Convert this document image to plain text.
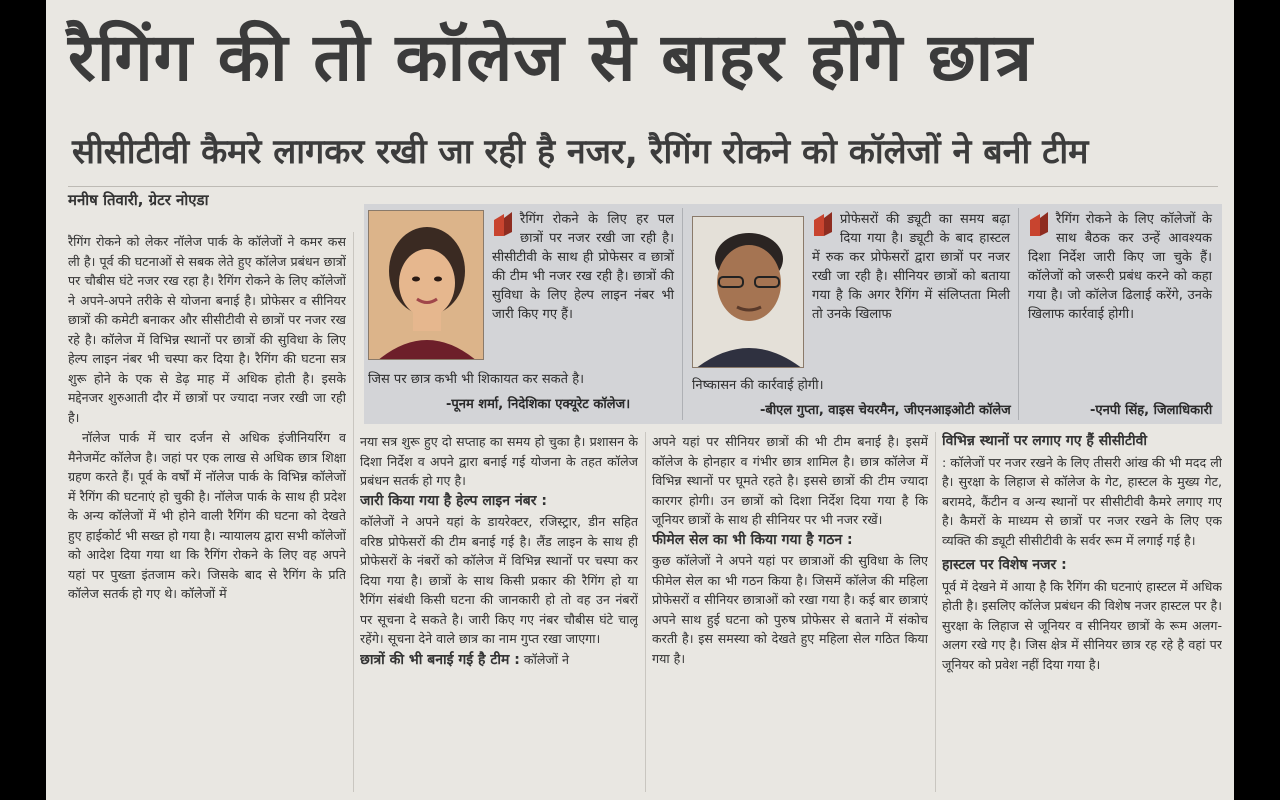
रैगिंग की तो कॉलेज से बाहर होंगे छात्र
सीसीटीवी कैमरे लागकर रखी जा रही है नजर, रैगिंग रोकने को कॉलेजों ने बनी टीम
मनीष तिवारी, ग्रेटर नोएडा
रैगिंग रोकने के लिए हर पल छात्रों पर नजर रखी जा रही है। सीसीटीवी के साथ ही प्रोफेसर व छात्रों की टीम भी नजर रख रही है। छात्रों की सुविधा के लिए हेल्प लाइन नंबर भी जारी किए गए हैं।
जिस पर छात्र कभी भी शिकायत कर सकते है।
-पूनम शर्मा, निदेशिका एक्यूरेट कॉलेज।
प्रोफेसरों की ड्यूटी का समय बढ़ा दिया गया है। ड्यूटी के बाद हास्टल में रुक कर प्रोफेसरों द्वारा छात्रों पर नजर रखी जा रही है। सीनियर छात्रों को बताया गया है कि अगर रैगिंग में संलिप्तता मिली तो उनके खिलाफ
निष्कासन की कार्रवाई होगी।
-बीएल गुप्ता, वाइस चेयरमैन, जीएनआइओटी कॉलेज
रैगिंग रोकने के लिए कॉलेजों के साथ बैठक कर उन्हें आवश्यक दिशा निर्देश जारी किए जा चुके हैं। कॉलेजों को जरूरी प्रबंध करने को कहा गया है। जो कॉलेज ढिलाई करेंगे, उनके खिलाफ कार्रवाई होगी।
-एनपी सिंह, जिलाधिकारी

रैगिंग रोकने को लेकर नॉलेज पार्क के कॉलेजों ने कमर कस ली है। पूर्व की घटनाओं से सबक लेते हुए कॉलेज प्रबंधन छात्रों पर चौबीस घंटे नजर रख रहा है। रैगिंग रोकने के लिए कॉलेजों ने अपने-अपने तरीके से योजना बनाई है। प्रोफेसर व सीनियर छात्रों की कमेटी बनाकर और सीसीटीवी से छात्रों पर नजर रख रहे है। कॉलेज में विभिन्न स्थानों पर छात्रों की सुविधा के लिए हेल्प लाइन नंबर भी चस्पा कर दिया है। रैगिंग की घटना सत्र शुरू होने के एक से डेढ़ माह में अधिक होती है। इसके मद्देनजर शुरुआती दौर में छात्रों पर ज्यादा नजर रखी जा रही है।

नॉलेज पार्क में चार दर्जन से अधिक इंजीनियरिंग व मैनेजमेंट कॉलेज है। जहां पर एक लाख से अधिक छात्र शिक्षा ग्रहण करते हैं। पूर्व के वर्षों में नॉलेज पार्क के विभिन्न कॉलेजों में रैगिंग की घटनाएं हो चुकी है। नॉलेज पार्क के साथ ही प्रदेश के अन्य कॉलेजों में भी होने वाली रैगिंग की घटना को देखते हुए हाईकोर्ट भी सख्त हो गया है। न्यायालय द्वारा सभी कॉलेजों को आदेश दिया गया था कि रैगिंग रोकने के लिए वह अपने यहां पर पुख्ता इंतजाम करे। जिसके बाद से रैगिंग के प्रति कॉलेज सतर्क हो गए थे। कॉलेजों में

नया सत्र शुरू हुए दो सप्ताह का समय हो चुका है। प्रशासन के दिशा निर्देश व अपने द्वारा बनाई गई योजना के तहत कॉलेज प्रबंधन सतर्क हो गए है।

जारी किया गया है हेल्प लाइन नंबर :

कॉलेजों ने अपने यहां के डायरेक्टर, रजिस्ट्रार, डीन सहित वरिष्ठ प्रोफेसरों की टीम बनाई गई है। लैंड लाइन के साथ ही प्रोफेसरों के नंबरों को कॉलेज में विभिन्न स्थानों पर चस्पा कर दिया गया है। छात्रों के साथ किसी प्रकार की रैगिंग हो या रैगिंग संबंधी किसी घटना की जानकारी हो तो वह उन नंबरों पर सूचना दे सकते है। जारी किए गए नंबर चौबीस घंटे चालू रहेंगे। सूचना देने वाले छात्र का नाम गुप्त रखा जाएगा।

छात्रों की भी बनाई गई है टीम : कॉलेजों ने

अपने यहां पर सीनियर छात्रों की भी टीम बनाई है। इसमें कॉलेज के होनहार व गंभीर छात्र शामिल है। छात्र कॉलेज में विभिन्न स्थानों पर घूमते रहते है। इससे छात्रों की टीम ज्यादा कारगर होगी। उन छात्रों को दिशा निर्देश दिया गया है कि जूनियर छात्रों के साथ ही सीनियर पर भी नजर रखें।

फीमेल सेल का भी किया गया है गठन :

कुछ कॉलेजों ने अपने यहां पर छात्राओं की सुविधा के लिए फीमेल सेल का भी गठन किया है। जिसमें कॉलेज की महिला प्रोफेसरों व सीनियर छात्राओं को रखा गया है। कई बार छात्राएं अपने साथ हुई घटना को पुरुष प्रोफेसर से बताने में संकोच करती है। इस समस्या को देखते हुए महिला सेल गठित किया गया है।

विभिन्न स्थानों पर लगाए गए हैं सीसीटीवी

: कॉलेजों पर नजर रखने के लिए तीसरी आंख की भी मदद ली है। सुरक्षा के लिहाज से कॉलेज के गेट, हास्टल के मुख्य गेट, बरामदे, कैंटीन व अन्य स्थानों पर सीसीटीवी कैमरे लगाए गए है। कैमरों के माध्यम से छात्रों पर नजर रखने के लिए एक व्यक्ति की ड्यूटी सीसीटीवी के सर्वर रूम में लगाई गई है।

हास्टल पर विशेष नजर :

पूर्व में देखने में आया है कि रैगिंग की घटनाएं हास्टल में अधिक होती है। इसलिए कॉलेज प्रबंधन की विशेष नजर हास्टल पर है। सुरक्षा के लिहाज से जूनियर व सीनियर छात्रों के रूम अलग-अलग रखे गए है। जिस क्षेत्र में सीनियर छात्र रह रहे है वहां पर जूनियर को प्रवेश नहीं दिया गया है।
